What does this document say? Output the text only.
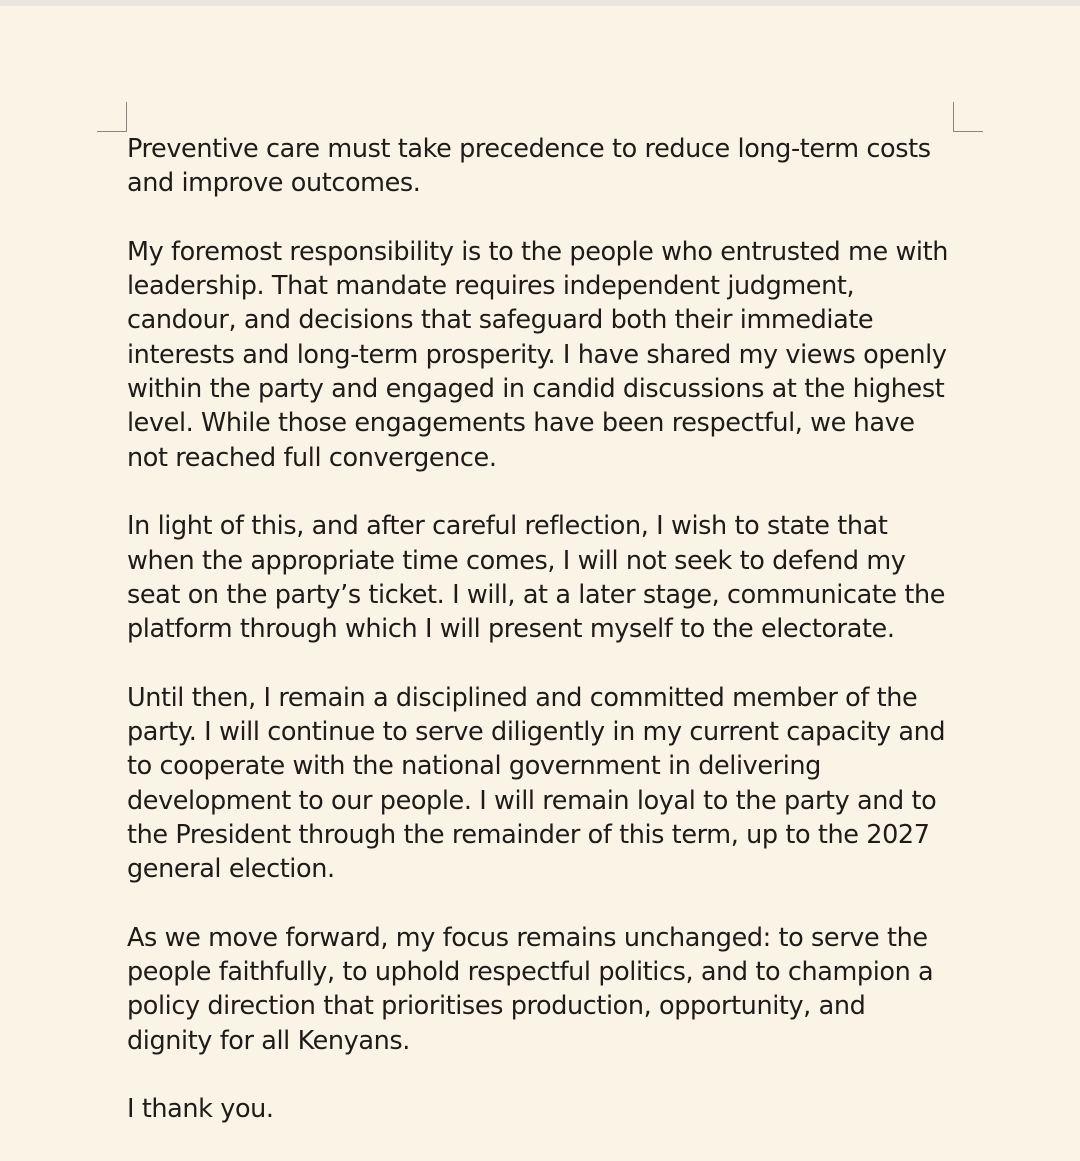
Preventive care must take precedence to reduce long-term costs and improve outcomes.

My foremost responsibility is to the people who entrusted me with leadership. That mandate requires independent judgment, candour, and decisions that safeguard both their immediate interests and long-term prosperity. I have shared my views openly within the party and engaged in candid discussions at the highest level. While those engagements have been respectful, we have not reached full convergence.

In light of this, and after careful reflection, I wish to state that when the appropriate time comes, I will not seek to defend my seat on the party’s ticket. I will, at a later stage, communicate the platform through which I will present myself to the electorate.

Until then, I remain a disciplined and committed member of the party. I will continue to serve diligently in my current capacity and to cooperate with the national government in delivering development to our people. I will remain loyal to the party and to the President through the remainder of this term, up to the 2027 general election.

As we move forward, my focus remains unchanged: to serve the people faithfully, to uphold respectful politics, and to champion a policy direction that prioritises production, opportunity, and dignity for all Kenyans.

I thank you.
